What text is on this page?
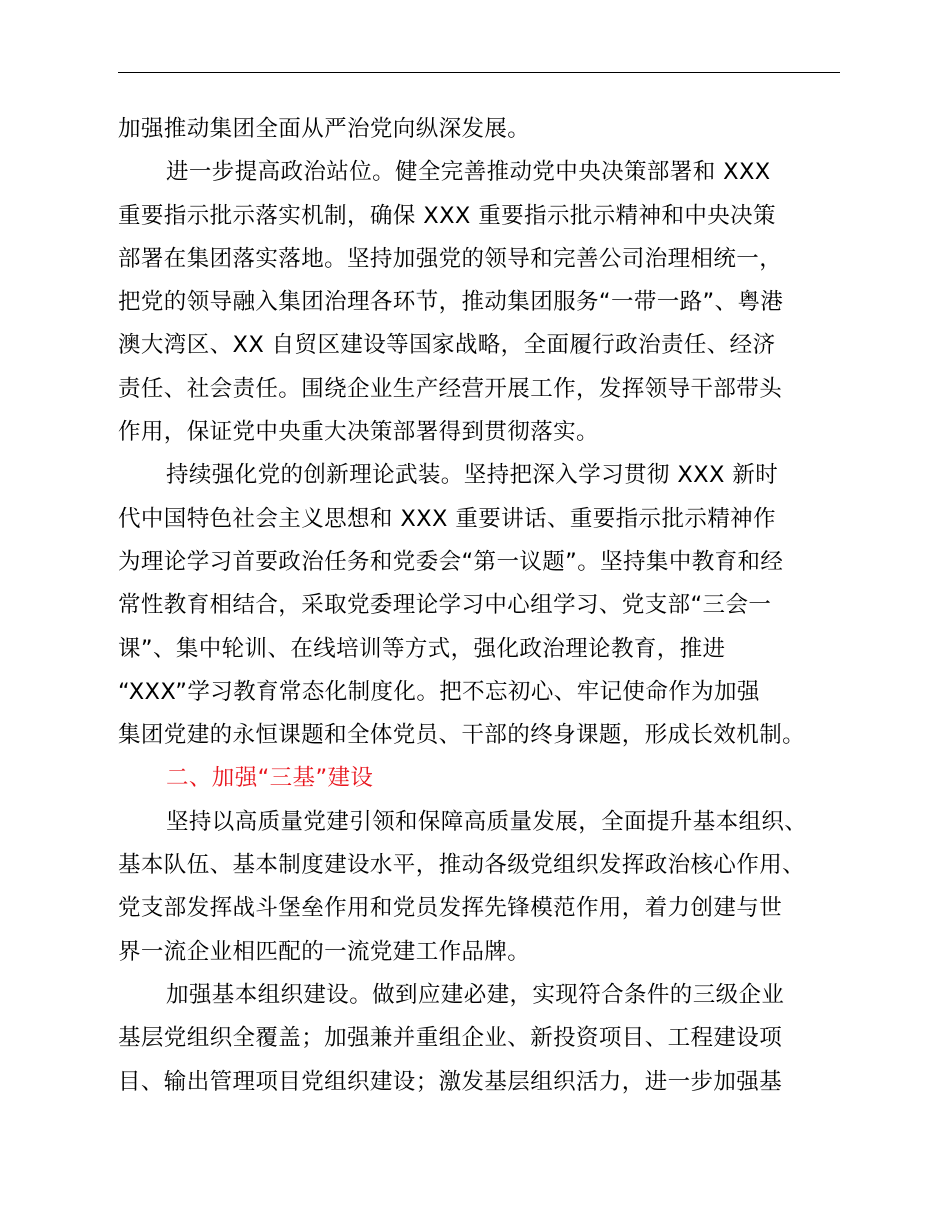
加强推动集团全面从严治党向纵深发展。
进一步提高政治站位。健全完善推动党中央决策部署和 XXX
重要指示批示落实机制，确保 XXX 重要指示批示精神和中央决策
部署在集团落实落地。坚持加强党的领导和完善公司治理相统一，
把党的领导融入集团治理各环节，推动集团服务“一带一路”、粤港
澳大湾区、XX 自贸区建设等国家战略，全面履行政治责任、经济
责任、社会责任。围绕企业生产经营开展工作，发挥领导干部带头
作用，保证党中央重大决策部署得到贯彻落实。
持续强化党的创新理论武装。坚持把深入学习贯彻 XXX 新时
代中国特色社会主义思想和 XXX 重要讲话、重要指示批示精神作
为理论学习首要政治任务和党委会“第一议题”。坚持集中教育和经
常性教育相结合，采取党委理论学习中心组学习、党支部“三会一
课”、集中轮训、在线培训等方式，强化政治理论教育，推进
“XXX”学习教育常态化制度化。把不忘初心、牢记使命作为加强
集团党建的永恒课题和全体党员、干部的终身课题，形成长效机制。
二、加强“三基”建设
坚持以高质量党建引领和保障高质量发展，全面提升基本组织、
基本队伍、基本制度建设水平，推动各级党组织发挥政治核心作用、
党支部发挥战斗堡垒作用和党员发挥先锋模范作用，着力创建与世
界一流企业相匹配的一流党建工作品牌。
加强基本组织建设。做到应建必建，实现符合条件的三级企业
基层党组织全覆盖；加强兼并重组企业、新投资项目、工程建设项
目、输出管理项目党组织建设；激发基层组织活力，进一步加强基
